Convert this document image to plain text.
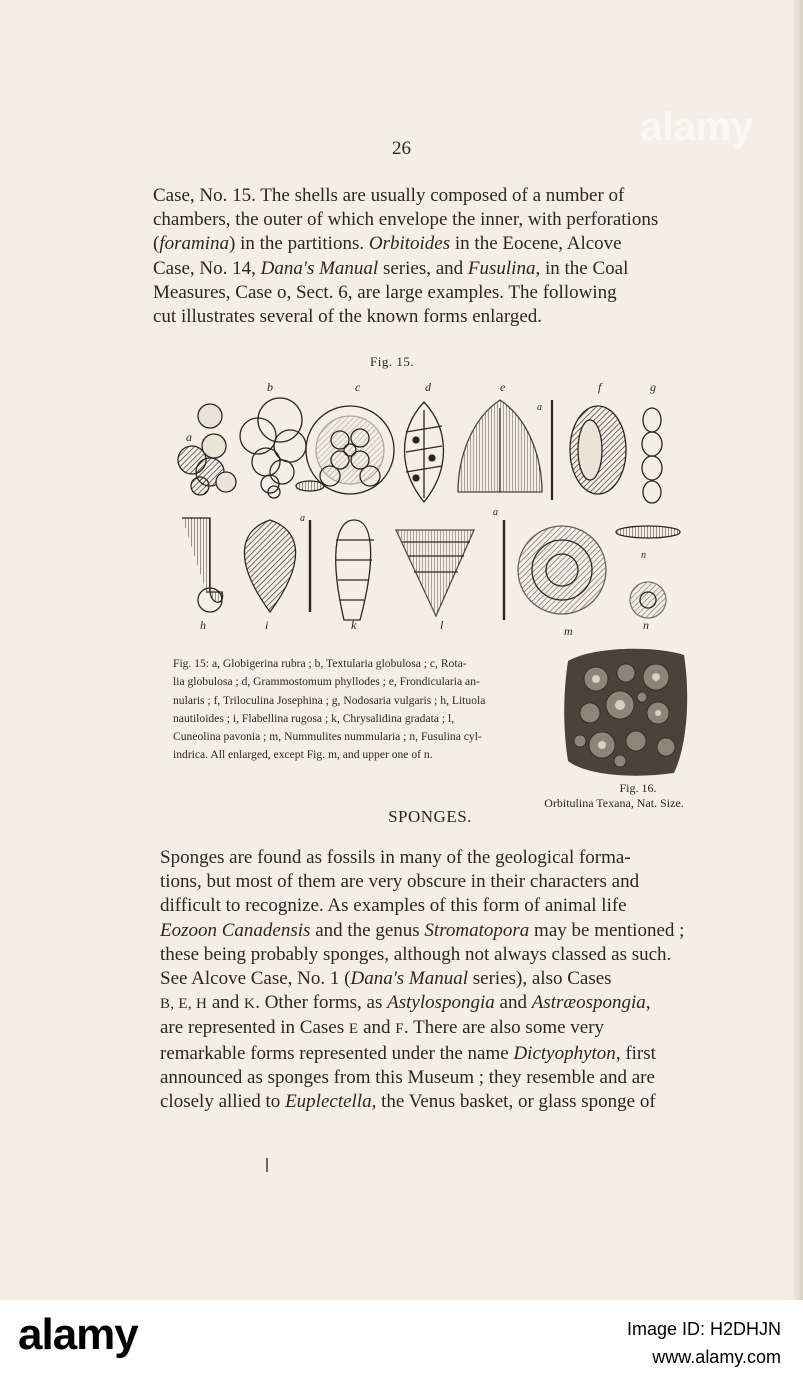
alamy
26

Case, No. 15. The shells are usually composed of a number of
chambers, the outer of which envelope the inner, with perforations
(foramina) in the partitions. Orbitoides in the Eocene, Alcove
Case, No. 14, Dana's Manual series, and Fusulina, in the Coal
Measures, Case o, Sect. 6, are large examples. The following
cut illustrates several of the known forms enlarged.

Fig. 15.
b	c	d	e	f	g
a
a
a
h	i	k	l	m	n
n
a
Fig. 15: a, Globigerina rubra ; b, Textularia globulosa ; c, Rota-
lia globulosa ; d, Grammostomum phyllodes ; e, Frondicularia an-
nularis ; f, Triloculina Josephina ; g, Nodosaria vulgaris ; h, Lituola
nautiloides ; i, Flabellina rugosa ; k, Chrysalidina gradata ; l,
Cuneolina pavonia ; m, Nummulites nummularia ; n, Fusulina cyl-
indrica. All enlarged, except Fig. m, and upper one of n.
Fig. 16.
Orbitulina Texana, Nat. Size.
SPONGES.

Sponges are found as fossils in many of the geological forma-
tions, but most of them are very obscure in their characters and
difficult to recognize. As examples of this form of animal life
Eozoon Canadensis and the genus Stromatopora may be mentioned ;
these being probably sponges, although not always classed as such.
See Alcove Case, No. 1 (Dana's Manual series), also Cases
B, E, H and K. Other forms, as Astylospongia and Astræospongia,
are represented in Cases E and F. There are also some very
remarkable forms represented under the name Dictyophyton, first
announced as sponges from this Museum ; they resemble and are
closely allied to Euplectella, the Venus basket, or glass sponge of

alamy	Image ID: H2DHJN
www.alamy.com
